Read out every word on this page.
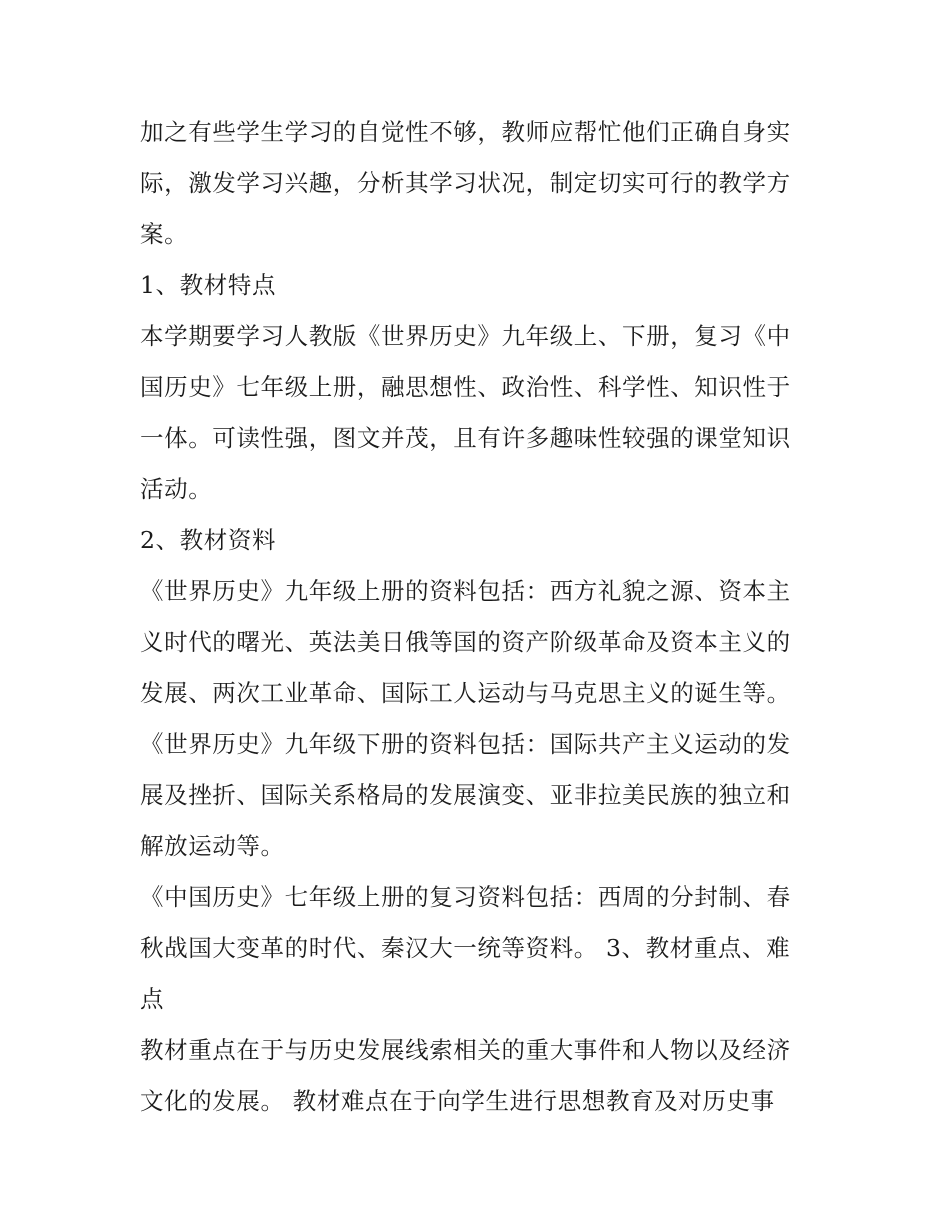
加之有些学生学习的自觉性不够，教师应帮忙他们正确自身实
际，激发学习兴趣，分析其学习状况，制定切实可行的教学方
案。
1、教材特点
本学期要学习人教版《世界历史》九年级上、下册，复习《中
国历史》七年级上册，融思想性、政治性、科学性、知识性于
一体。可读性强，图文并茂，且有许多趣味性较强的课堂知识
活动。
2、教材资料
《世界历史》九年级上册的资料包括：西方礼貌之源、资本主
义时代的曙光、英法美日俄等国的资产阶级革命及资本主义的
发展、两次工业革命、国际工人运动与马克思主义的诞生等。
《世界历史》九年级下册的资料包括：国际共产主义运动的发
展及挫折、国际关系格局的发展演变、亚非拉美民族的独立和
解放运动等。
《中国历史》七年级上册的复习资料包括：西周的分封制、春
秋战国大变革的时代、秦汉大一统等资料。 3、教材重点、难
点
教材重点在于与历史发展线索相关的重大事件和人物以及经济
文化的发展。 教材难点在于向学生进行思想教育及对历史事
